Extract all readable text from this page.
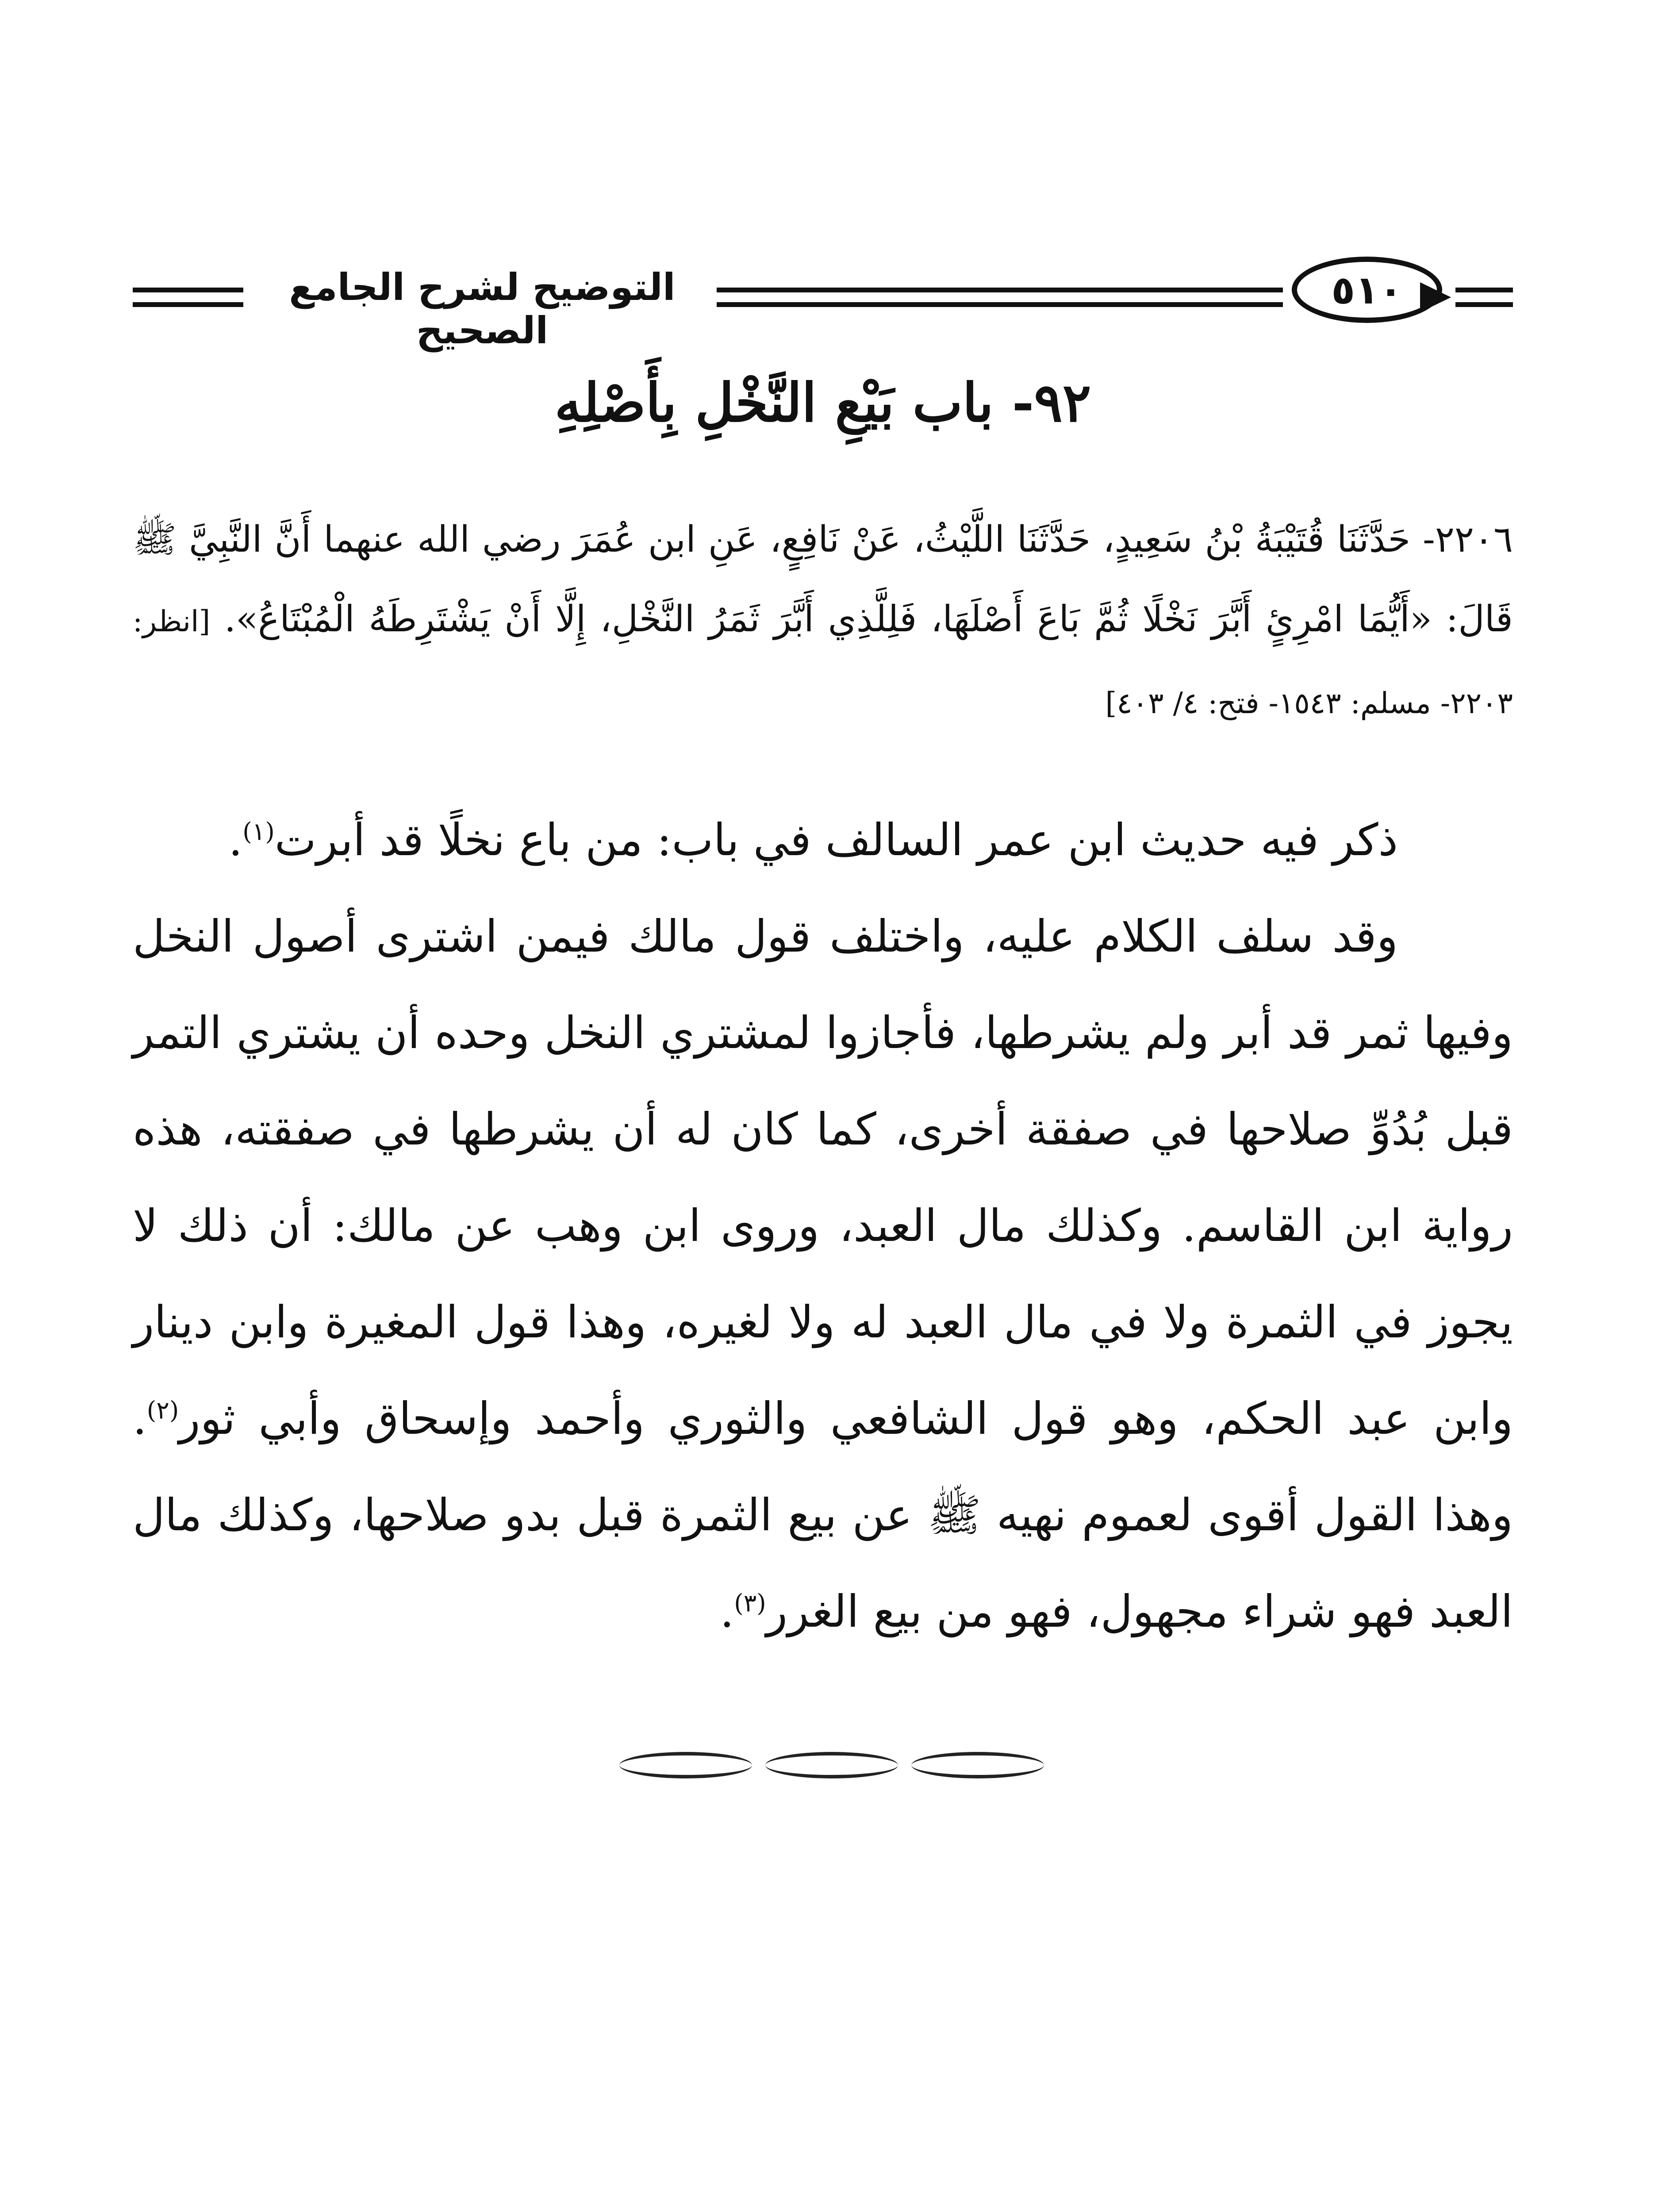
التوضيح لشرح الجامع الصحيح
٥١٠
٩٢- باب بَيْعِ النَّخْلِ بِأَصْلِهِ
٢٢٠٦- حَدَّثَنَا قُتَيْبَةُ بْنُ سَعِيدٍ، حَدَّثَنَا اللَّيْثُ، عَنْ نَافِعٍ، عَنِ ابن عُمَرَ رضي الله عنهما أَنَّ النَّبِيَّ ﷺ قَالَ: «أَيُّمَا امْرِئٍ أَبَّرَ نَخْلًا ثُمَّ بَاعَ أَصْلَهَا، فَلِلَّذِي أَبَّرَ ثَمَرُ النَّخْلِ، إِلَّا أَنْ يَشْتَرِطَهُ الْمُبْتَاعُ». [انظر: ٢٢٠٣- مسلم: ١٥٤٣- فتح: ٤/ ٤٠٣]

ذكر فيه حديث ابن عمر السالف في باب: من باع نخلًا قد أبرت$^{(١)}$.

وقد سلف الكلام عليه، واختلف قول مالك فيمن اشترى أصول النخل وفيها ثمر قد أبر ولم يشرطها، فأجازوا لمشتري النخل وحده أن يشتري التمر قبل بُدُوِّ صلاحها في صفقة أخرى، كما كان له أن يشرطها في صفقته، هذه رواية ابن القاسم. وكذلك مال العبد، وروى ابن وهب عن مالك: أن ذلك لا يجوز في الثمرة ولا في مال العبد له ولا لغيره، وهذا قول المغيرة وابن دينار وابن عبد الحكم، وهو قول الشافعي والثوري وأحمد وإسحاق وأبي ثور$^{(٢)}$. وهذا القول أقوى لعموم نهيه ﷺ عن بيع الثمرة قبل بدو صلاحها، وكذلك مال العبد فهو شراء مجهول، فهو من بيع الغرر$^{(٣)}$.
